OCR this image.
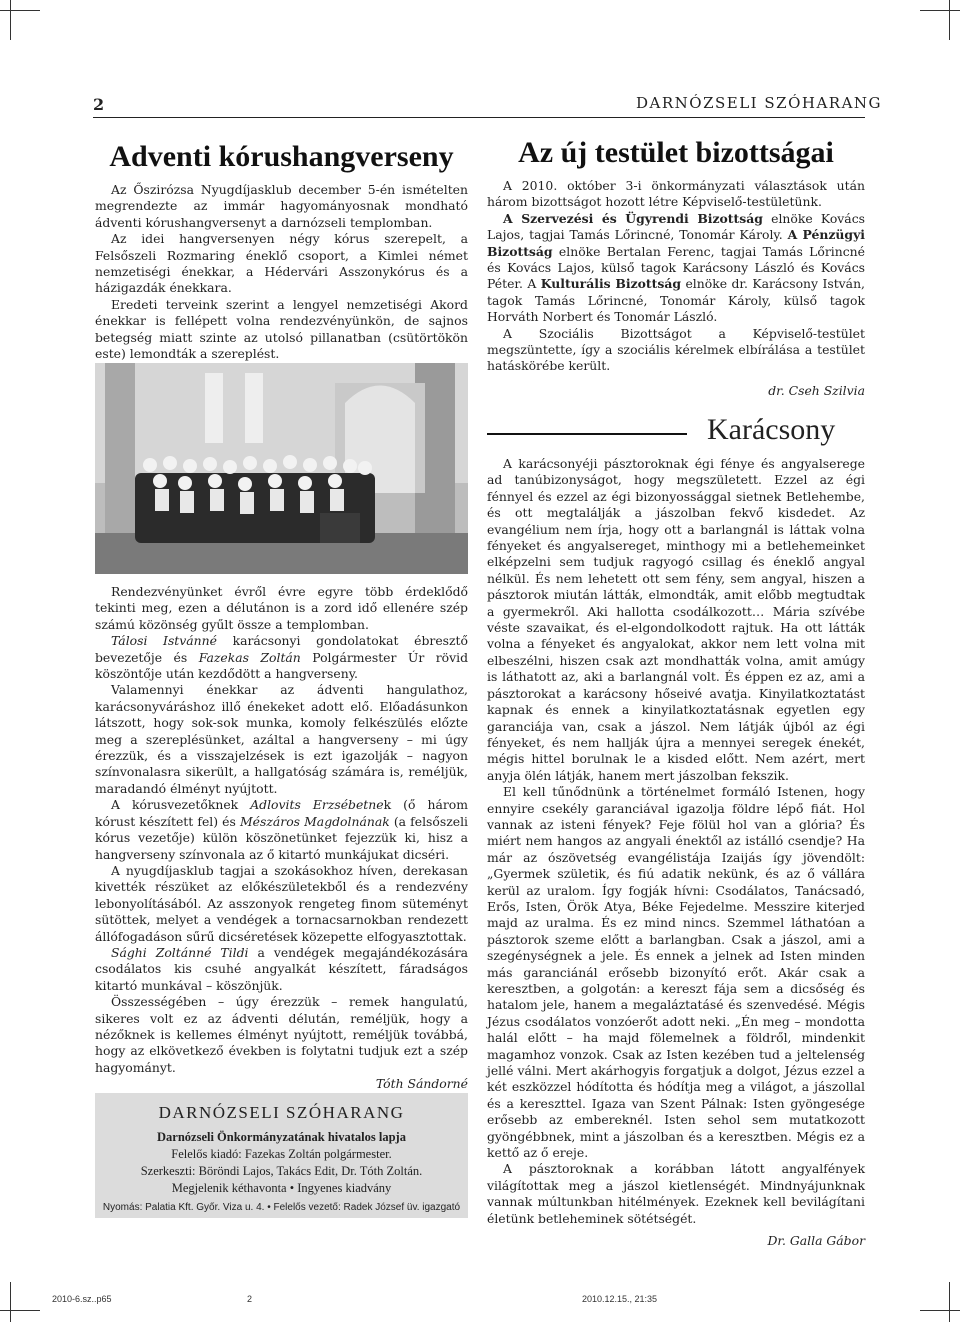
2	DARNÓZSELI SZÓHARANG
Adventi kórushangverseny

Az Őszirózsa Nyugdíjasklub december 5-én ismételten megrendezte az immár hagyományosnak mondható ádventi kórushangversenyt a darnózseli templomban.

Az idei hangversenyen négy kórus szerepelt, a Felsőszeli Rozmaring éneklő csoport, a Kimlei német nemzetiségi énekkar, a Hédervári Asszonykórus és a házigazdák énekkara.

Eredeti terveink szerint a lengyel nemzetiségi Akord énekkar is fellépett volna rendezvényünkön, de sajnos betegség miatt szinte az utolsó pillanatban (csütörtökön este) lemondták a szereplést.

Rendezvényünket évről évre egyre több érdeklődő tekinti meg, ezen a délutánon is a zord idő ellenére szép számú közönség gyűlt össze a templomban.

Tálosi Istvánné karácsonyi gondolatokat ébresztő bevezetője és Fazekas Zoltán Polgármester Úr rövid köszöntője után kezdődött a hangverseny.

Valamennyi énekkar az ádventi hangulathoz, karácsonyváráshoz illő énekeket adott elő. Előadásunkon látszott, hogy sok-sok munka, komoly felkészülés előzte meg a szereplésünket, azáltal a hangverseny – mi úgy érezzük, és a visszajelzések is ezt igazolják – nagyon színvonalasra sikerült, a hallgatóság számára is, reméljük, maradandó élményt nyújtott.

A kórusvezetőknek Adlovits Erzsébetnek (ő három kórust készített fel) és Mészáros Magdolnának (a felsőszeli kórus vezetője) külön köszönetünket fejezzük ki, hisz a hangverseny színvonala az ő kitartó munkájukat dicséri.

A nyugdíjasklub tagjai a szokásokhoz híven, derekasan kivették részüket az előkészületekből és a rendezvény lebonyolításából. Az asszonyok rengeteg finom süteményt sütöttek, melyet a vendégek a tornacsarnokban rendezett állófogadáson sűrű dicséretések közepette elfogyasztottak.

Sághi Zoltánné Tildi a vendégek megajándékozására csodálatos kis csuhé angyalkát készített, fáradságos kitartó munkával – köszönjük.

Összességében – úgy érezzük – remek hangulatú, sikeres volt ez az ádventi délután, reméljük, hogy a nézőknek is kellemes élményt nyújtott, reméljük továbbá, hogy az elkövetkező években is folytatni tudjuk ezt a szép hagyományt.

Tóth Sándorné

DARNÓZSELI SZÓHARANG
Darnózseli Önkormányzatának hivatalos lapja
Felelős kiadó: Fazekas Zoltán polgármester.
Szerkeszti: Böröndi Lajos, Takács Edit, Dr. Tóth Zoltán.
Megjelenik kéthavonta • Ingyenes kiadvány
Nyomás: Palatia Kft. Győr. Viza u. 4. • Felelős vezető: Radek József üv. igazgató
Az új testület bizottságai

A 2010. október 3-i önkormányzati választások után három bizottságot hozott létre Képviselő-testületünk.

A Szervezési és Ügyrendi Bizottság elnöke Kovács Lajos, tagjai Tamás Lőrincné, Tonomár Károly. A Pénzügyi Bizottság elnöke Bertalan Ferenc, tagjai Tamás Lőrincné és Kovács Lajos, külső tagok Karácsony László és Kovács Péter. A Kulturális Bizottság elnöke dr. Karácsony István, tagok Tamás Lőrincné, Tonomár Károly, külső tagok Horváth Norbert és Tonomár László.

A Szociális Bizottságot a Képviselő-testület megszüntette, így a szociális kérelmek elbírálása a testület hatáskörébe került.

dr. Cseh Szilvia

Karácsony

A karácsonyéji pásztoroknak égi fénye és angyalserege ad tanúbizonyságot, hogy megszületett. Ezzel az égi fénnyel és ezzel az égi bizonyossággal sietnek Betlehembe, és ott megtalálják a jászolban fekvő kisdedet. Az evangélium nem írja, hogy ott a barlangnál is láttak volna fényeket és angyalsereget, minthogy mi a betlehemeinket elképzelni sem tudjuk ragyogó csillag és éneklő angyal nélkül. És nem lehetett ott sem fény, sem angyal, hiszen a pásztorok miután látták, elmondták, amit előbb megtudtak a gyermekről. Aki hallotta csodálkozott… Mária szívébe véste szavaikat, és el-elgondolkodott rajtuk. Ha ott látták volna a fényeket és angyalokat, akkor nem lett volna mit elbeszélni, hiszen csak azt mondhatták volna, amit amúgy is láthatott az, aki a barlangnál volt. És éppen ez az, ami a pásztorokat a karácsony hőseivé avatja. Kinyilatkoztatást kapnak és ennek a kinyilatkoztatásnak egyetlen egy garanciája van, csak a jászol. Nem látják újból az égi fényeket, és nem hallják újra a mennyei seregek énekét, mégis hittel borulnak le a kisded előtt. Nem azért, mert anyja ölén látják, hanem mert jászolban fekszik.

El kell tűnődnünk a történelmet formáló Istenen, hogy ennyire csekély garanciával igazolja földre lépő fiát. Hol vannak az isteni fények? Feje fölül hol van a glória? És miért nem hangos az angyali énektől az istálló csendje? Ha már az ószövetség evangélistája Izaijás így jövendölt: „Gyermek születik, és fiú adatik nekünk, és az ő vállára kerül az uralom. Így fogják hívni: Csodálatos, Tanácsadó, Erős, Isten, Örök Atya, Béke Fejedelme. Messzire kiterjed majd az uralma. És ez mind nincs. Szemmel láthatóan a pásztorok szeme előtt a barlangban. Csak a jászol, ami a szegénységnek a jele. És ennek a jelnek ad Isten minden más garanciánál erősebb bizonyító erőt. Akár csak a keresztben, a golgotán: a kereszt fája sem a dicsőség és hatalom jele, hanem a megaláztatásé és szenvedésé. Mégis Jézus csodálatos vonzóerőt adott neki. „Én meg – mondotta halál előtt – ha majd fölemelnek a földről, mindenkit magamhoz vonzok. Csak az Isten kezében tud a jeltelenség jellé válni. Mert akárhogyis forgatjuk a dolgot, Jézus ezzel a két eszközzel hódította és hódítja meg a világot, a jászollal és a kereszttel. Igaza van Szent Pálnak: Isten gyöngesége erősebb az embereknél. Isten sehol sem mutatkozott gyöngébbnek, mint a jászolban és a keresztben. Mégis ez a kettő az ő ereje.

A pásztoroknak a korábban látott angyalfények világítottak meg a jászol kietlenségét. Mindnyájunknak vannak múltunkban hitélmények. Ezeknek kell bevilágítani életünk betleheminek sötétségét.

Dr. Galla Gábor

2010-6.sz..p65	2	2010.12.15., 21:35
